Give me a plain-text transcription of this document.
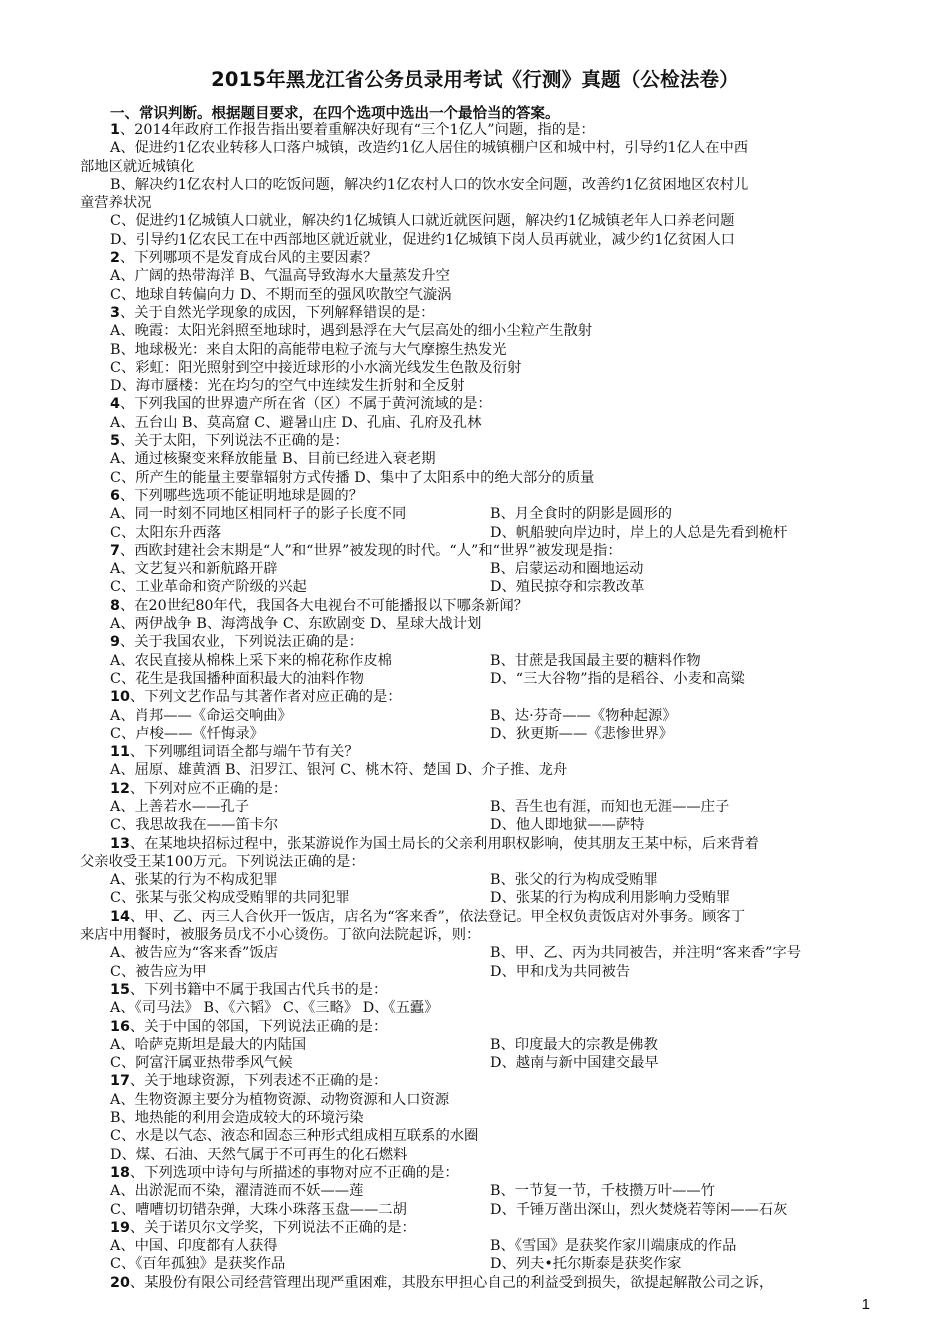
2015年黑龙江省公务员录用考试《行测》真题（公检法卷）
一、常识判断。根据题目要求，在四个选项中选出一个最恰当的答案。
1、2014年政府工作报告指出要着重解决好现有“三个1亿人”问题，指的是：
A、促进约1亿农业转移人口落户城镇，改造约1亿人居住的城镇棚户区和城中村，引导约1亿人在中西
部地区就近城镇化
B、解决约1亿农村人口的吃饭问题，解决约1亿农村人口的饮水安全问题，改善约1亿贫困地区农村儿
童营养状况
C、促进约1亿城镇人口就业，解决约1亿城镇人口就近就医问题，解决约1亿城镇老年人口养老问题
D、引导约1亿农民工在中西部地区就近就业，促进约1亿城镇下岗人员再就业，减少约1亿贫困人口
2、下列哪项不是发育成台风的主要因素？
A、广阔的热带海洋 B、气温高导致海水大量蒸发升空
C、地球自转偏向力 D、不期而至的强风吹散空气漩涡
3、关于自然光学现象的成因，下列解释错误的是：
A、晚霞：太阳光斜照至地球时，遇到悬浮在大气层高处的细小尘粒产生散射
B、地球极光：来自太阳的高能带电粒子流与大气摩擦生热发光
C、彩虹：阳光照射到空中接近球形的小水滴光线发生色散及衍射
D、海市蜃楼：光在均匀的空气中连续发生折射和全反射
4、下列我国的世界遗产所在省（区）不属于黄河流域的是：
A、五台山 B、莫高窟 C、避暑山庄 D、孔庙、孔府及孔林
5、关于太阳，下列说法不正确的是：
A、通过核聚变来释放能量 B、目前已经进入衰老期
C、所产生的能量主要靠辐射方式传播 D、集中了太阳系中的绝大部分的质量
6、下列哪些选项不能证明地球是圆的？
A、同一时刻不同地区相同杆子的影子长度不同	B、月全食时的阴影是圆形的
C、太阳东升西落	D、帆船驶向岸边时，岸上的人总是先看到桅杆
7、西欧封建社会末期是“人”和“世界”被发现的时代。“人”和“世界”被发现是指：
A、文艺复兴和新航路开辟	B、启蒙运动和圈地运动
C、工业革命和资产阶级的兴起	D、殖民掠夺和宗教改革
8、在20世纪80年代，我国各大电视台不可能播报以下哪条新闻？
A、两伊战争 B、海湾战争 C、东欧剧变 D、星球大战计划
9、关于我国农业，下列说法正确的是：
A、农民直接从棉株上采下来的棉花称作皮棉	B、甘蔗是我国最主要的糖料作物
C、花生是我国播种面积最大的油料作物	D、“三大谷物”指的是稻谷、小麦和高粱
10、下列文艺作品与其著作者对应正确的是：
A、肖邦——《命运交响曲》	B、达·芬奇——《物种起源》
C、卢梭——《忏悔录》	D、狄更斯——《悲惨世界》
11、下列哪组词语全都与端午节有关？
A、屈原、雄黄酒 B、汨罗江、银河 C、桃木符、楚国 D、介子推、龙舟
12、下列对应不正确的是：
A、上善若水——孔子	B、吾生也有涯，而知也无涯——庄子
C、我思故我在——笛卡尔	D、他人即地狱——萨特
13、在某地块招标过程中，张某游说作为国土局长的父亲利用职权影响，使其朋友王某中标，后来背着
父亲收受王某100万元。下列说法正确的是：
A、张某的行为不构成犯罪	B、张父的行为构成受贿罪
C、张某与张父构成受贿罪的共同犯罪	D、张某的行为构成利用影响力受贿罪
14、甲、乙、丙三人合伙开一饭店，店名为“客来香”，依法登记。甲全权负责饭店对外事务。顾客丁
来店中用餐时，被服务员戊不小心烫伤。丁欲向法院起诉，则：
A、被告应为“客来香”饭店	B、甲、乙、丙为共同被告，并注明“客来香”字号
C、被告应为甲	D、甲和戊为共同被告
15、下列书籍中不属于我国古代兵书的是：
A、《司马法》 B、《六韬》 C、《三略》 D、《五蠹》
16、关于中国的邻国，下列说法正确的是：
A、哈萨克斯坦是最大的内陆国	B、印度最大的宗教是佛教
C、阿富汗属亚热带季风气候	D、越南与新中国建交最早
17、关于地球资源，下列表述不正确的是：
A、生物资源主要分为植物资源、动物资源和人口资源
B、地热能的利用会造成较大的环境污染
C、水是以气态、液态和固态三种形式组成相互联系的水圈
D、煤、石油、天然气属于不可再生的化石燃料
18、下列选项中诗句与所描述的事物对应不正确的是：
A、出淤泥而不染，濯清涟而不妖——莲	B、一节复一节，千枝攒万叶——竹
C、嘈嘈切切错杂弹，大珠小珠落玉盘——二胡	D、千锤万凿出深山，烈火焚烧若等闲——石灰
19、关于诺贝尔文学奖，下列说法不正确的是：
A、中国、印度都有人获得	B、《雪国》是获奖作家川端康成的作品
C、《百年孤独》是获奖作品	D、列夫•托尔斯泰是获奖作家
20、某股份有限公司经营管理出现严重困难，其股东甲担心自己的利益受到损失，欲提起解散公司之诉，
1
